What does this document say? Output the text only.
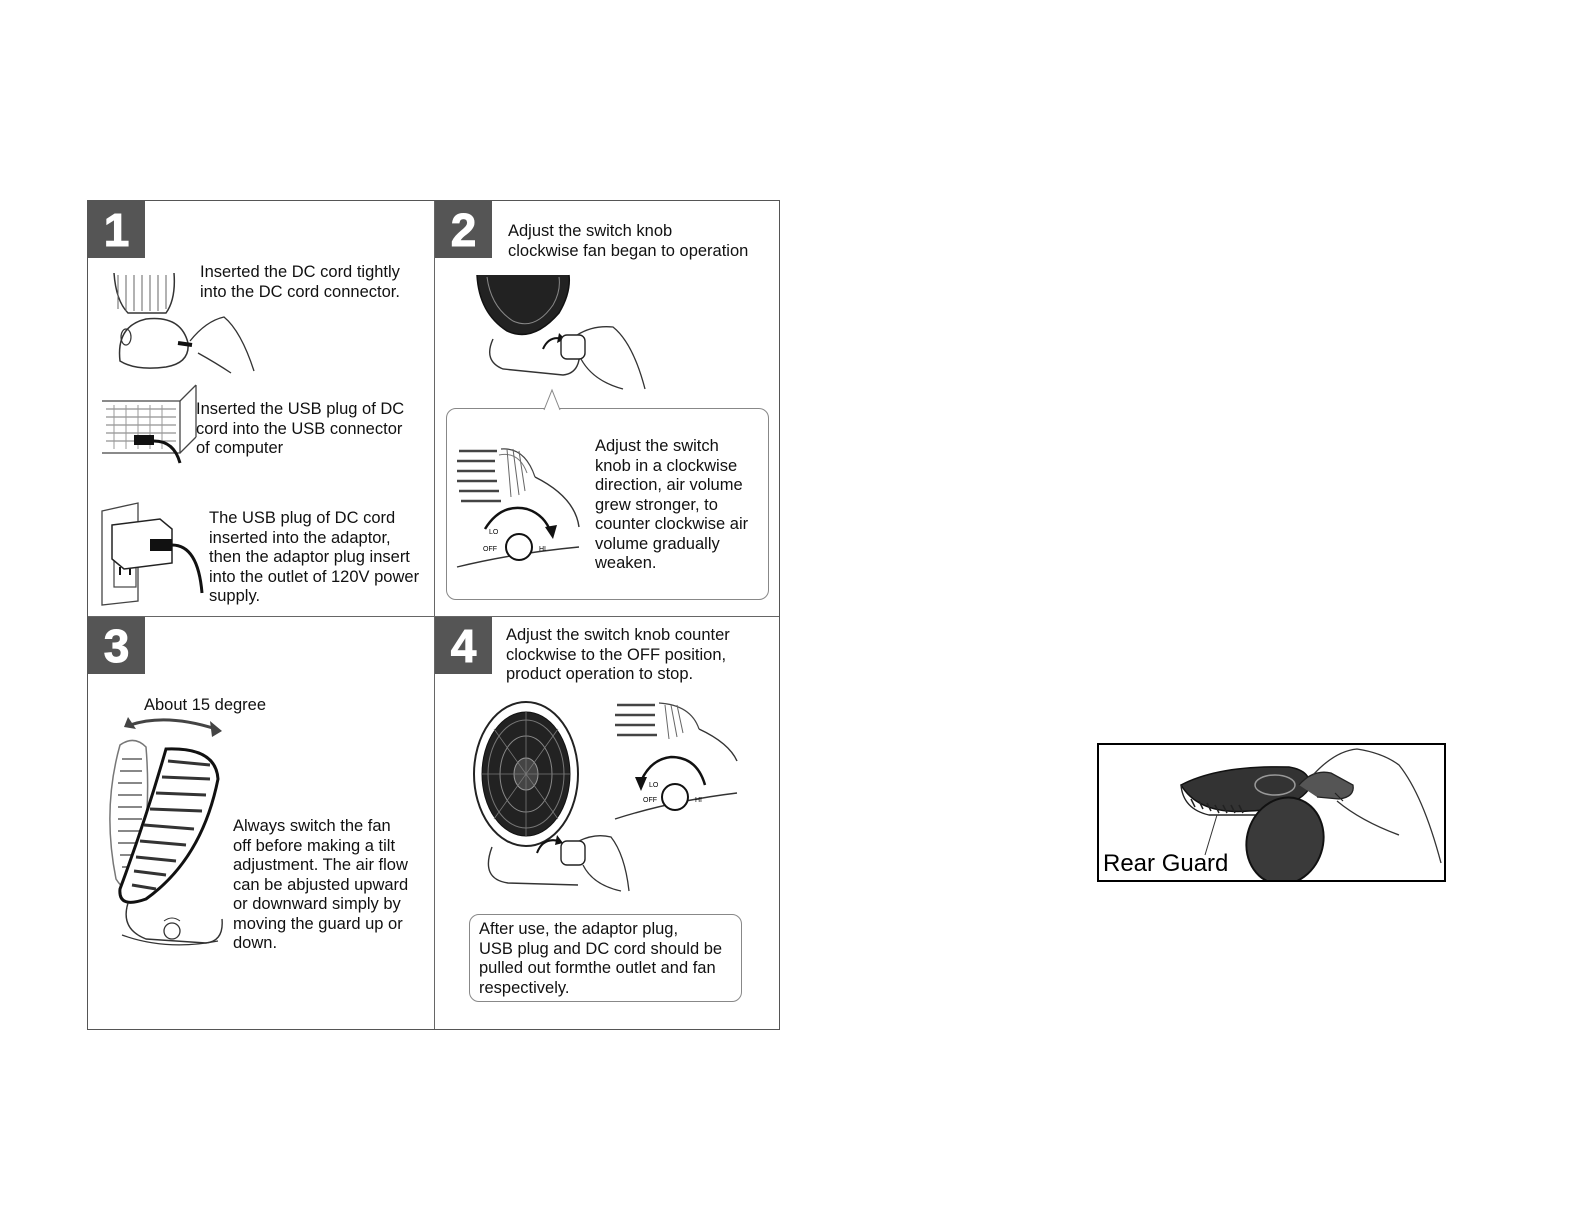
1
Inserted the DC cord tightly
into the DC cord connector.
Inserted the USB plug of DC
cord into the USB connector
of computer
The USB plug of DC cord
inserted into the adaptor,
then the adaptor plug insert
into the outlet of 120V power
supply.
2	Adjust the switch knob
clockwise fan began to operation
LO
OFF	HI
Adjust the switch
knob in a clockwise
direction, air volume
grew stronger, to
counter clockwise air
volume gradually
weaken.
3
About 15 degree
Always switch the fan
off before making a tilt
adjustment. The air flow
can be abjusted upward
or downward simply by
moving the guard up or
down.
4	Adjust the switch knob counter
clockwise to the OFF position,
product operation to stop.
LO
OFF	HI
After use, the adaptor plug,
USB plug and DC cord should be
pulled out formthe outlet and fan
respectively.
Rear Guard
